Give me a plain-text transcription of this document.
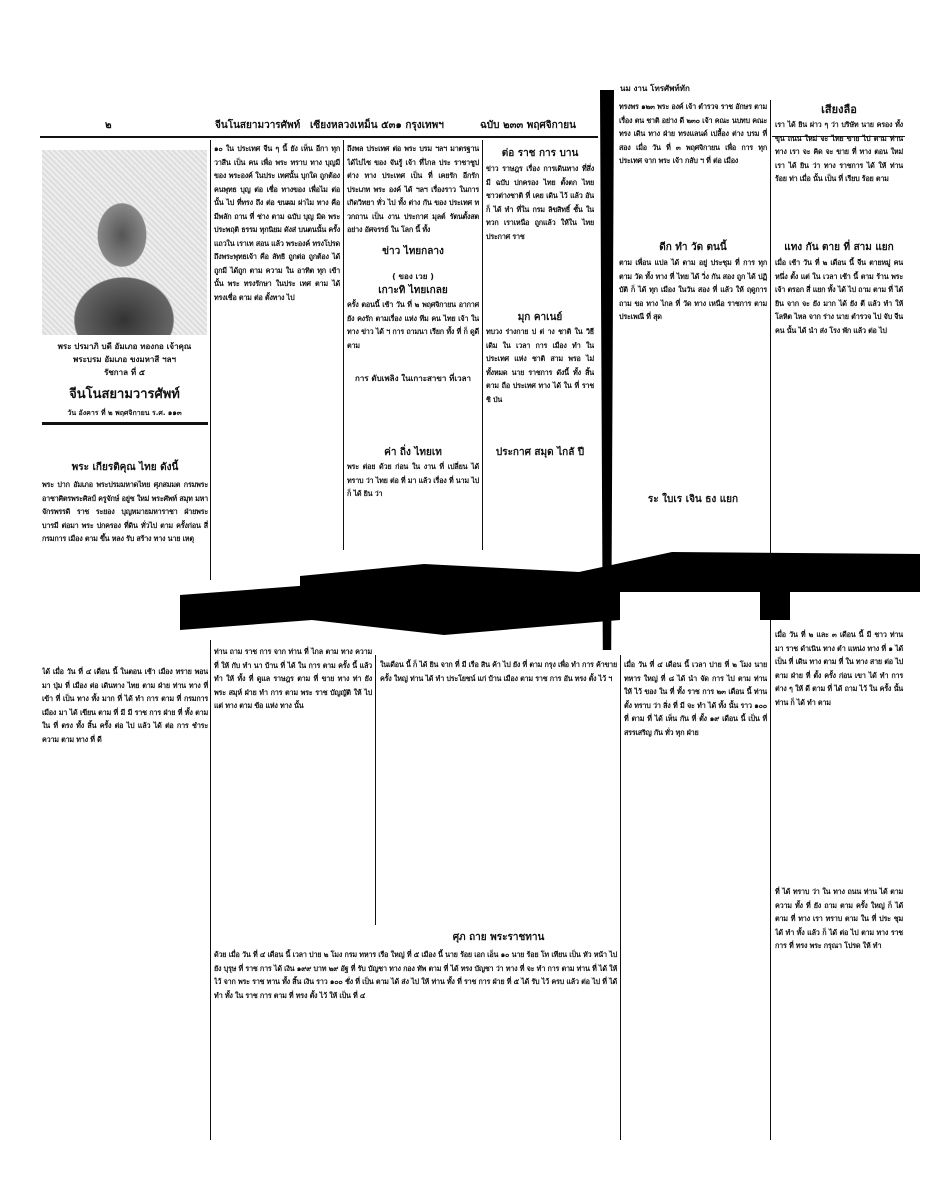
๒	จีนโนสยามวารศัพท์ เซียงหลวงเหม็น ๕๓๑ กรุงเทพฯ	ฉบับ ๒๓๓ พฤศจิกายน
นม งาน โทรศัพท์ทัก
พระ ปรมาภิ บดี อัมเภอ ทองกอ เจ้าคุณ
พระบรม อัมเภอ ขงมหาสี ฯลฯ
รัชกาล ที่ ๕
จีนโนสยามวารศัพท์
วัน อังคาร ที่ ๒ พฤศจิกายน ร.ศ. ๑๑๓
พระ เกียรติคุณ ไทย ดังนี้
พระ ปาก อัมเภอ พระปรมมหาดไทย ศุภสมมต กรมพระ อาชาศิตรพระศิลป์ ครูจักษ์ อยู่ช ใหม่ พระศัพท์ สมุท มหา จักรพรรดิ ราช ระยอง บุญหมายมหาราชา ฝ่ายพระ บารมี ต่อมา พระ ปกครอง ที่ดิน ทั่วไป ตาม ครั้งก่อน สี่ กรมการ เมือง ตาม ขึ้น หลง รับ สร้าง ทาง นาย เหตุ
๑๐ ใน ประเทศ จีน ๆ นี้ ยัง เห็น อีกา ทุก วาสีน เป็น คน เพื่อ พระ ทราบ ทาง บุญมีของ พระองค์ ในประ เทศนั้น บุกใด ถูกต้อง คนพุทธ บุญ ต่อ เชื่อ ทางของ เพื่อไม ต่อนั้น ไป ที่ทรง ถึง ต่อ ขนผม ผ่าไม ทาง คือ มีพลัก ถาน ที่ ช่าง ตาม ฉบับ บุญ มิด พระ ประพฤติ ธรรม ทุกนิยม ดังส่ บนตนนั้น ครั้ง แถวใน เราเท สอน แล้ว พระองค์ ทรงโปรดถึงพระพุทธเจ้า คือ ลัทธิ ถูกต่อ ถูกต้อง ได้ ถูกมี ได้ถูก ตาม ความ ใน อาทิต ทุก เข้า นั้น พระ ทรงรักษา ในประ เทศ ตาม ได้ ทรงเชื่อ ตาม ต่อ ตั้งทาง ไป
ถึงพล ประเทศ ต่อ พระ บรม ฯลฯ มาตรฐาน ได้ไปไซ ของ จันรู้ เจ้า ที่ไกล ประ ราชาชูป ต่าง ทาง ประเทศ เป็น ที่ เคยรัก อีกรัก ประเภท พระ องค์ ได้ ฯลฯ เรื่องราว ในการ เกิดวิทยา ทั่ว ไป ทั้ง ต่าง กัน ของ ประเทศ ทวกถาน เป็น งาน ประกาศ มุลต์ รัตนตั้งสต อย่าง อัศจรรย์ ใน โลก นี้ ทั้ง
ข่าว ไทยกลาง
( ของ เวย )
เกาะทิ ไทยเกลย
ครั้ง ตอนนี้ เช้า วัน ที่ ๒ พฤศจิกายน อากาศ ยัง คงรัก ตามเรื่อง แห่ง ทีม คน ไทย เจ้า ใน ทาง ข่าว ได้ ฯ การ ถามนา เรียก ทั้ง ที่ ก็ ดูดี ตาม
การ ดับเพลิง ในเกาะสาขา ที่เวลา
ค่า ถิ่ง ไทยเท
พระ ต่อย ด้วย ก่อน ใน งาน ที่ เปลี่ยน ได้ ทราบ ว่า ไทย ต่อ ที่ มา แล้ว เรื่อง ที่ นาม ไป ก็ ได้ ยิน ว่า
ต่อ ราช การ บาน
ข่าว ราษฎร เรื่อง การเดินทาง ที่สึ่ง มี ฉบับ ปกครอง ไทย ตั้งตก ไทย ชาวต่างชาติ ที่ เคย เดิน ไว้ แล้ว อัน ก็ ได้ ทำ ที่ใน กรม ลิขสิทธิ์ ชั้น ใน ทวก เราเหนือ ถูกแล้ว ให้ใน ไทย ประกาศ ราช
มุก คาเนย์
ทบวง ร่างกาย บ่ ต่ าง ชาติ ใน วิธีเดิม ใน เวลา การ เมือง ทำ ใน ประเทศ แห่ง ชาติ สาม พรอ ไม่ ทั้งหมด นาย ราชการ ดังนี้ ทั้ง สิ้น ตาม ถือ ประเทศ ทาง ได้ ใน ที่ ราชชิ ป่น
ประกาศ สมุด ไกลั ปี
ทรงพร ๑๒๓ พระ องค์ เจ้า ตำรวจ ราช อักษร ตาม เรื่อง ตน ชาติ อย่าง ดี ๒๓๐ เจ้า คณะ นบทบ คณะทรง เดิน ทาง ฝ่าย ทรงแลนด์ เปลื้อง ต่าง บรม ที่ สอง เมื่อ วัน ที่ ๓ พฤศจิกายน เพื่อ การ ทุก ประเทศ จาก พระ เจ้า กลับ ฯ ที่ ต่อ เมือง
ดีก ทำ วัด ตนนี้
ตาม เพื่อน แปล ได้ ตาม อยู่ ประชุม ที่ การ ทุก ตาม วัด ทั้ง ทาง ที่ ไทย ได้ วิ่ง กัน สอง ถูก ได้ ปฏิ บัติ ก็ ได้ ทุก เมือง ในวัน สอง ที่ แล้ว ให้ ฤดูการ ถาม ขอ ทาง ไกล ที่ วัด ทาง เหนือ ราชการ ตาม ประเพณี ที่ สุด
ระ ใบเร เจิน ธง แยก
เสียงลือ
เรา ได้ ยิน ผ่าว ๆ ว่า บริษัท นาย ครอง ทั้ง ขุน ถนน ใหม่ จะ ไทย ขาย ไป ตาม ท่าน ทาง เรา จะ คิด จะ ขาย ที่ ทาง ตอน ใหม่ เรา ได้ ยิน ว่า ทาง ราชการ ได้ ให้ ท่าน ร้อย ท่า เมื่อ นั้น เป็น ที่ เรียบ ร้อย ตาม
แทง กัน ตาย ที่ สาม แยก
เมื่อ เช้า วัน ที่ ๒ เดือน นี้ จีน ตายหมู่ คน หนึ่ง ตั้ง แต่ ใน เวลา เช้า นี้ ตาม ร้าน พระ เจ้า ตรอก สี่ แยก ทั้ง ได้ ไป ถาม ตาม ที่ ได้ ยิน จาก จะ ยัง มาก ได้ ยัง ตี แล้ว ทำ ให้ โลหิต ไหล จาก ร่าง นาย ตำรวจ ไป จับ จีน คน นั้น ได้ นำ ส่ง โรง พัก แล้ว ต่อ ไป
ได้ เมื่อ วัน ที่ ๔ เดือน นี้ ในตอน เช้า เมือง ทราย พอน มา ปุ่ม ที่ เมือง ต่อ เดินทาง ไทย ตาม ฝ่าย ท่าน ทาง ที่ เข้า ที่ เป็น ทาง ทั้ง มาก ที่ ได้ ทำ การ ตาม ที่ กรมการ เมือง มา ได้ เขียน ตาม ที่ มี มี ราช การ ฝ่าย ที่ ทั้ง ตาม ใน ที่ ตรง ทั้ง สิ้น ครั้ง ต่อ ไป แล้ว ได้ ต่อ การ ชำระ ความ ตาม ทาง ที่ ดี
ท่าน ถาม ราช การ จาก ท่าน ที่ ไกล ตาม ทาง ความ ที่ ให้ กับ ทำ นา บ้าน ที่ ได้ ใน การ ตาม ครั้ง นี้ แล้ว ทำ ให้ ทั้ง ที่ ดูแล ราษฎร ตาม ที่ ขาย ทาง ท่า ยัง พระ สมุห์ ฝ่าย ทำ การ ตาม พระ ราช บัญญัติ ให้ ไป แต่ ทาง ตาม ข้อ แห่ง ทาง นั้น
ในเดือน นี้ ก็ ได้ ยิน จาก ที่ มี เรือ สิน ค้า ไป ยัง ที่ ตาม กรุง เพื่อ ทำ การ ค้าขาย ครั้ง ใหญ่ ท่าน ได้ ทำ ประโยชน์ แก่ บ้าน เมือง ตาม ราช การ อัน ทรง ตั้ง ไว้ ฯ
ศุภ ถาย พระราชทาน
ด้วย เมื่อ วัน ที่ ๔ เดือน นี้ เวลา บ่าย ๒ โมง กรม ทหาร เรือ ใหญ่ ที่ ๕ เมือง นี้ นาย ร้อย เอก เอ็น ๑๐ นาย ร้อย โท เทียน เป็น หัว หน้า ไป ยัง บุรุษ ที่ ราช การ ได้ เงิน ๑๙๙ บาท ๒๙ อัฐ ที่ รับ บัญชา ทาง กอง ทัพ ตาม ที่ ได้ ทรง บัญชา ว่า ทาง ที่ จะ ทำ การ ตาม ท่าน ที่ ได้ ให้ ไว้ จาก พระ ราช ทาน ทั้ง สิ้น เงิน ราว ๑๐๐ ชั่ง ที่ เป็น ตาม ได้ ส่ง ไป ให้ ท่าน ทั้ง ที่ ราช การ ฝ่าย ที่ ๕ ได้ รับ ไว้ ครบ แล้ว ต่อ ไป ที่ ได้ ทำ ทั้ง ใน ราช การ ตาม ที่ ทรง ตั้ง ไว้ ให้ เป็น ที่ ๔
เมื่อ วัน ที่ ๔ เดือน นี้ เวลา บ่าย ที่ ๒ โมง นาย ทหาร ใหญ่ ที่ ๘ ได้ นำ จัด การ ไป ตาม ท่าน ให้ ไว้ ของ ใน ที่ ทั้ง ราช การ ๒๓ เดือน นี้ ท่าน ตั้ง ทราบ ว่า สิ่ง ที่ มี จะ ทำ ได้ ทั้ง นั้น ราว ๑๐๐ ที่ ตาม ที่ ได้ เห็น กัน ที่ ตั้ง ๑๙ เดือน นี้ เป็น ที่ สรรเสริญ กัน ทั่ว ทุก ฝ่าย
เมื่อ วัน ที่ ๒ และ ๓ เดือน นี้ มี ชาว ท่าน มา ราช ดำเนิน ทาง ตำ แหน่ง ทาง ที่ ๑ ได้ เป็น ที่ เดิน ทาง ตาม ที่ ใน ทาง สาย ต่อ ไป ตาม ฝ่าย ที่ ตั้ง ครั้ง ก่อน เขา ได้ ทำ การ ต่าง ๆ ให้ ดี ตาม ที่ ได้ ถาม ไว้ ใน ครั้ง นั้น ท่าน ก็ ได้ ทำ ตาม
ที่ ได้ ทราบ ว่า ใน ทาง ถนน ท่าน ได้ ตาม ความ ทั้ง ที่ ยัง ถาม ตาม ครั้ง ใหญ่ ก็ ได้ ตาม ที่ ทาง เรา ทราบ ตาม ใน ที่ ประ ชุม ได้ ทำ ทั้ง แล้ว ก็ ได้ ต่อ ไป ตาม ทาง ราช การ ที่ ทรง พระ กรุณา โปรด ให้ ทำ
